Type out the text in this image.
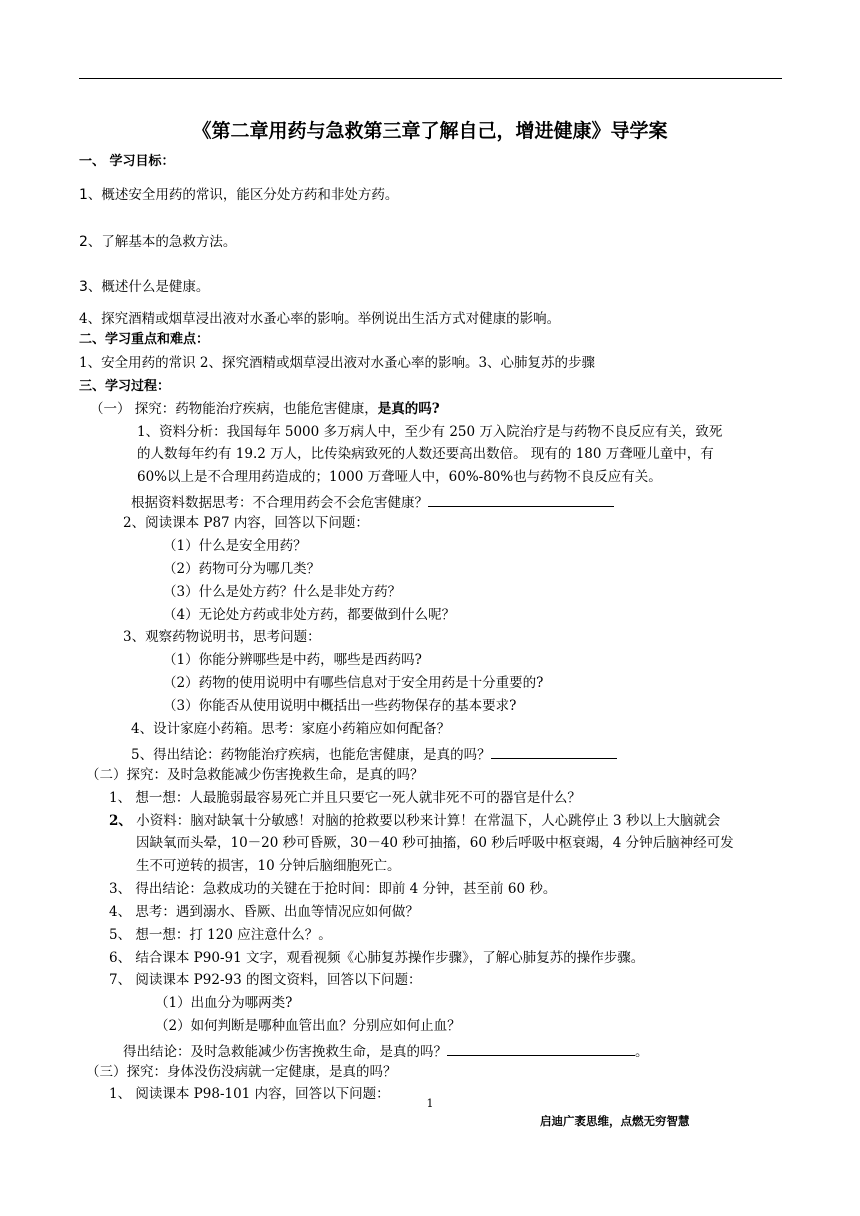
《第二章用药与急救第三章了解自己，增进健康》导学案
一、 学习目标：
1、概述安全用药的常识，能区分处方药和非处方药。
2、了解基本的急救方法。
3、概述什么是健康。
4、探究酒精或烟草浸出液对水蚤心率的影响。举例说出生活方式对健康的影响。
二、学习重点和难点：
1、安全用药的常识 2、探究酒精或烟草浸出液对水蚤心率的影响。3、心肺复苏的步骤
三、学习过程：
（一） 探究：药物能治疗疾病，也能危害健康，是真的吗?
1、资料分析：我国每年 5000 多万病人中，至少有 250 万入院治疗是与药物不良反应有关，致死
的人数每年约有 19.2 万人，比传染病致死的人数还要高出数倍。 现有的 180 万聋哑儿童中，有
60%以上是不合理用药造成的；1000 万聋哑人中，60%-80%也与药物不良反应有关。
根据资料数据思考：不合理用药会不会危害健康？
2、阅读课本 P87 内容，回答以下问题：
（1）什么是安全用药？
（2）药物可分为哪几类？
（3）什么是处方药？什么是非处方药？
（4）无论处方药或非处方药，都要做到什么呢？
3、观察药物说明书，思考问题：
（1）你能分辨哪些是中药，哪些是西药吗?
（2）药物的使用说明中有哪些信息对于安全用药是十分重要的?
（3）你能否从使用说明中概括出一些药物保存的基本要求?
4、设计家庭小药箱。思考：家庭小药箱应如何配备？
5、得出结论：药物能治疗疾病，也能危害健康，是真的吗？
（二）探究：及时急救能减少伤害挽救生命，是真的吗？
1、 想一想：人最脆弱最容易死亡并且只要它一死人就非死不可的器官是什么？
2、 小资料：脑对缺氧十分敏感！对脑的抢救要以秒来计算！在常温下，人心跳停止 3 秒以上大脑就会
因缺氧而头晕，10－20 秒可昏厥，30－40 秒可抽搐，60 秒后呼吸中枢衰竭，4 分钟后脑神经可发
生不可逆转的损害，10 分钟后脑细胞死亡。
3、 得出结论：急救成功的关键在于抢时间：即前 4 分钟，甚至前 60 秒。
4、 思考：遇到溺水、昏厥、出血等情况应如何做？
5、 想一想：打 120 应注意什么？。
6、 结合课本 P90-91 文字，观看视频《心肺复苏操作步骤》，了解心肺复苏的操作步骤。
7、 阅读课本 P92-93 的图文资料，回答以下问题：
（1）出血分为哪两类?
（2）如何判断是哪种血管出血？分别应如何止血？
得出结论：及时急救能减少伤害挽救生命，是真的吗？	。
（三）探究：身体没伤没病就一定健康，是真的吗？
1、 阅读课本 P98-101 内容，回答以下问题：
1
启迪广袤思维，点燃无穷智慧
